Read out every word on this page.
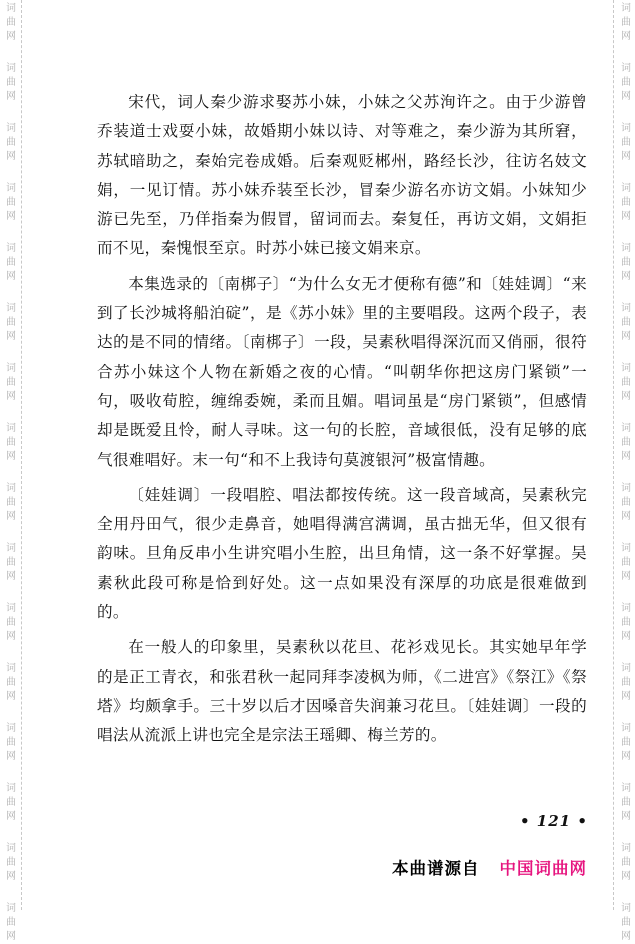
词
曲
网
词
曲
网
词
曲
网
词
曲
网
词
曲
网
词
曲
网
词
曲
网
词
曲
网
词
曲
网
词
曲
网
词
曲
网
词
曲
网
词
曲
网
词
曲
网
词
曲
网
词
曲
网
词
曲
网
词
曲
网
词
曲
网
词
曲
网
词
曲
网
词
曲
网
词
曲
网
词
曲
网
词
曲
网
词
曲
网
词
曲
网
词
曲
网
词
曲
网
词
曲
网
词
曲
网
词
曲
网

宋代，词人秦少游求娶苏小妹，小妹之父苏洵许之。由于少游曾乔装道士戏耍小妹，故婚期小妹以诗、对等难之，秦少游为其所窘，苏轼暗助之，秦始完卷成婚。后秦观贬郴州，路经长沙，往访名妓文娟，一见订情。苏小妹乔装至长沙，冒秦少游名亦访文娟。小妹知少游已先至，乃佯指秦为假冒，留词而去。秦复任，再访文娟，文娟拒而不见，秦愧恨至京。时苏小妹已接文娟来京。

本集选录的〔南梆子〕“为什么女无才便称有德”和〔娃娃调〕“来到了长沙城将船泊碇”，是《苏小妹》里的主要唱段。这两个段子，表达的是不同的情绪。〔南梆子〕一段，吴素秋唱得深沉而又俏丽，很符合苏小妹这个人物在新婚之夜的心情。“叫朝华你把这房门紧锁”一句，吸收荀腔，缠绵委婉，柔而且媚。唱词虽是“房门紧锁”，但感情却是既爱且怜，耐人寻味。这一句的长腔，音域很低，没有足够的底气很难唱好。末一句“和不上我诗句莫渡银河”极富情趣。

〔娃娃调〕一段唱腔、唱法都按传统。这一段音域高，吴素秋完全用丹田气，很少走鼻音，她唱得满宫满调，虽古拙无华，但又很有韵味。旦角反串小生讲究唱小生腔，出旦角情，这一条不好掌握。吴素秋此段可称是恰到好处。这一点如果没有深厚的功底是很难做到的。

在一般人的印象里，吴素秋以花旦、花衫戏见长。其实她早年学的是正工青衣，和张君秋一起同拜李凌枫为师，《二进宫》《祭江》《祭塔》均颇拿手。三十岁以后才因嗓音失润兼习花旦。〔娃娃调〕一段的唱法从流派上讲也完全是宗法王瑶卿、梅兰芳的。

• 121 •
本曲谱源自 中国词曲网
